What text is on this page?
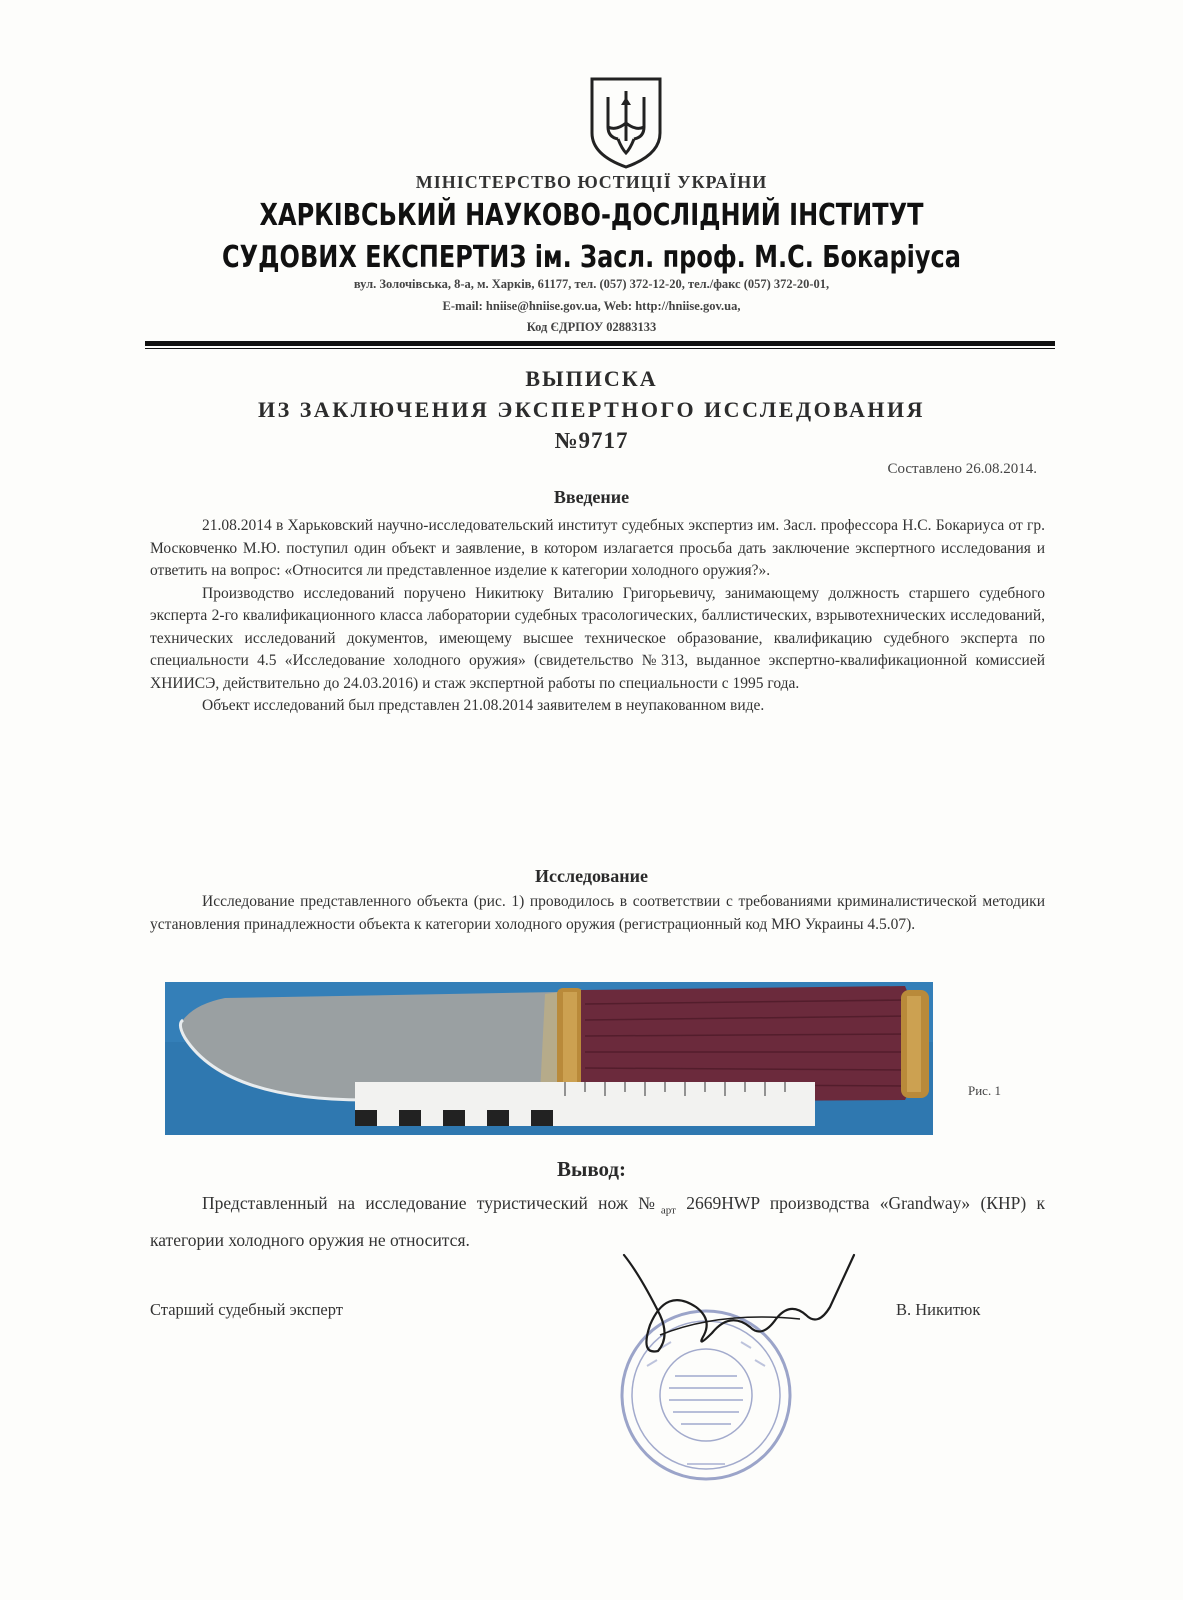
МІНІСТЕРСТВО ЮСТИЦІЇ УКРАЇНИ
ХАРКІВСЬКИЙ НАУКОВО-ДОСЛІДНИЙ ІНСТИТУТ
СУДОВИХ ЕКСПЕРТИЗ ім. Засл. проф. М.С. Бокаріуса
вул. Золочівська, 8-а, м. Харків, 61177, тел. (057) 372-12-20, тел./факс (057) 372-20-01,
E-mail: hniise@hniise.gov.ua, Web: http://hniise.gov.ua,
Код ЄДРПОУ 02883133
ВЫПИСКА
ИЗ ЗАКЛЮЧЕНИЯ ЭКСПЕРТНОГО ИССЛЕДОВАНИЯ
№9717
Составлено 26.08.2014.
Введение

21.08.2014 в Харьковский научно-исследовательский институт судебных экспертиз им. Засл. профессора Н.С. Бокариуса от гр. Московченко М.Ю. поступил один объект и заявление, в котором излагается просьба дать заключение экспертного исследования и ответить на вопрос: «Относится ли представленное изделие к категории холодного оружия?».

Производство исследований поручено Никитюку Виталию Григорьевичу, занимающему должность старшего судебного эксперта 2-го квалификационного класса лаборатории судебных трасологических, баллистических, взрывотехнических исследований, технических исследований документов, имеющему высшее техническое образование, квалификацию судебного эксперта по специальности 4.5 «Исследование холодного оружия» (свидетельство №313, выданное экспертно-квалификационной комиссией ХНИИСЭ, действительно до 24.03.2016) и стаж экспертной работы по специальности с 1995 года.

Объект исследований был представлен 21.08.2014 заявителем в неупакованном виде.

Исследование

Исследование представленного объекта (рис. 1) проводилось в соответствии с требованиями криминалистической методики установления принадлежности объекта к категории холодного оружия (регистрационный код МЮ Украины 4.5.07).

Рис. 1
Вывод:

Представленный на исследование туристический нож $№_{арт}$ 2669HWP производства «Grandway» (КНР) к категории холодного оружия не относится.

Старший судебный эксперт	В. Никитюк
